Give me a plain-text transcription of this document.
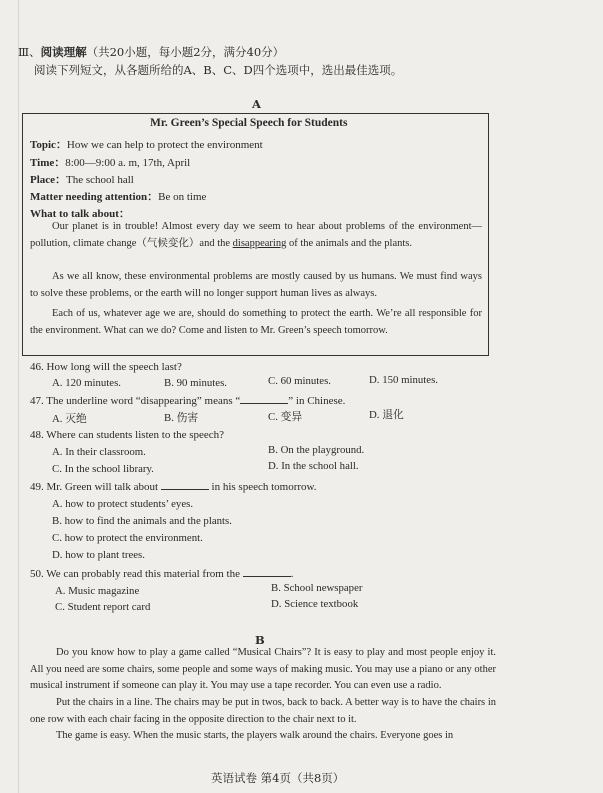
Ⅲ、阅读理解（共20小题，每小题2分，满分40分）
阅读下列短文，从各题所给的A、B、C、D四个选项中，选出最佳选项。
A
Mr. Green’s Special Speech for Students
Topic：How we can help to protect the environment
Time：8:00—9:00 a. m, 17th, April
Place：The school hall
Matter needing attention：Be on time
What to talk about：
Our planet is in trouble! Almost every day we seem to hear about problems of the environment—pollution, climate change（气候变化）and the disappearing of the animals and the plants.
As we all know, these environmental problems are mostly caused by us humans. We must find ways to solve these problems, or the earth will no longer support human lives as always.
Each of us, whatever age we are, should do something to protect the earth. We’re all responsible for the environment. What can we do? Come and listen to Mr. Green’s speech tomorrow.
46. How long will the speech last?
A. 120 minutes.	B. 90 minutes.	C. 60 minutes.	D. 150 minutes.
47. The underline word “disappearing” means “	” in Chinese.
A. 灭绝	B. 伤害	C. 变异	D. 退化
48. Where can students listen to the speech?
A. In their classroom.	B. On the playground.
C. In the school library.	D. In the school hall.
49. Mr. Green will talk about	in his speech tomorrow.
A. how to protect students’ eyes.
B. how to find the animals and the plants.
C. how to protect the environment.
D. how to plant trees.
50. We can probably read this material from the	.
A. Music magazine	B. School newspaper
C. Student report card	D. Science textbook
B
Do you know how to play a game called “Musical Chairs”? It is easy to play and most people enjoy it. All you need are some chairs, some people and some ways of making music. You may use a piano or any other musical instrument if someone can play it. You may use a tape recorder. You can even use a radio.
Put the chairs in a line. The chairs may be put in twos, back to back. A better way is to have the chairs in one row with each chair facing in the opposite direction to the chair next to it.
The game is easy. When the music starts, the players walk around the chairs. Everyone goes in
英语试卷 第4页（共8页）
